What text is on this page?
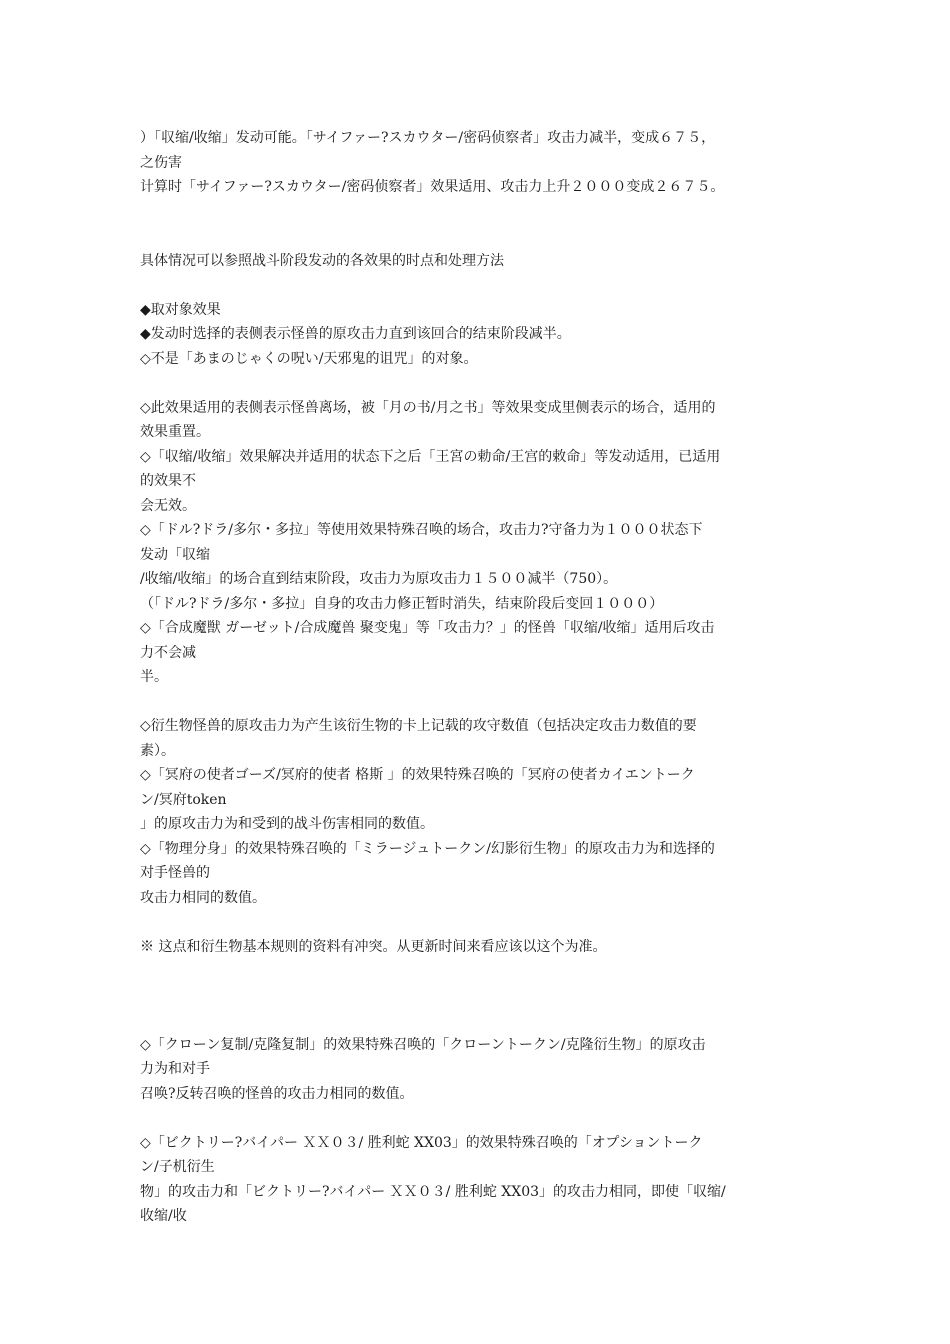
）「収缩/收缩」发动可能。「サイファー?スカウター/密码侦察者」攻击力减半，变成６７５，
之伤害
计算时「サイファー?スカウター/密码侦察者」效果适用、攻击力上升２０００变成２６７５。
具体情况可以参照战斗阶段发动的各效果的时点和处理方法
◆取对象效果
◆发动时选择的表侧表示怪兽的原攻击力直到该回合的结束阶段减半。
◇不是「あまのじゃくの呪い/天邪鬼的诅咒」的对象。
◇此效果适用的表侧表示怪兽离场，被「月の书/月之书」等效果变成里侧表示的场合，适用的
效果重置。
◇「収缩/收缩」效果解决并适用的状态下之后「王宮の勅命/王宫的敕命」等发动适用，已适用
的效果不
会无效。
◇「ドル?ドラ/多尔・多拉」等使用效果特殊召唤的场合，攻击力?守备力为１０００状态下
发动「収缩
/收缩/收缩」的场合直到结束阶段，攻击力为原攻击力１５００减半（750）。
（「ドル?ドラ/多尔・多拉」自身的攻击力修正暂时消失，结束阶段后变回１０００）
◇「合成魔獣 ガーゼット/合成魔兽 聚变鬼」等「攻击力？」的怪兽「収缩/收缩」适用后攻击
力不会减
半。
◇衍生物怪兽的原攻击力为产生该衍生物的卡上记载的攻守数值（包括决定攻击力数值的要
素）。
◇「冥府の使者ゴーズ/冥府的使者 格斯 」的效果特殊召唤的「冥府の使者カイエントーク
ン/冥府token
」的原攻击力为和受到的战斗伤害相同的数值。
◇「物理分身」的效果特殊召唤的「ミラージュトークン/幻影衍生物」的原攻击力为和选择的
对手怪兽的
攻击力相同的数值。
※ 这点和衍生物基本规则的资料有冲突。从更新时间来看应该以这个为准。
◇「クローン复制/克隆复制」的效果特殊召唤的「クローントークン/克隆衍生物」的原攻击
力为和对手
召唤?反转召唤的怪兽的攻击力相同的数值。
◇「ビクトリー?バイパー ＸＸ０３/ 胜利蛇 XX03」的效果特殊召唤的「オプショントーク
ン/子机衍生
物」的攻击力和「ビクトリー?バイパー ＸＸ０３/ 胜利蛇 XX03」的攻击力相同，即使「収缩/
收缩/收
